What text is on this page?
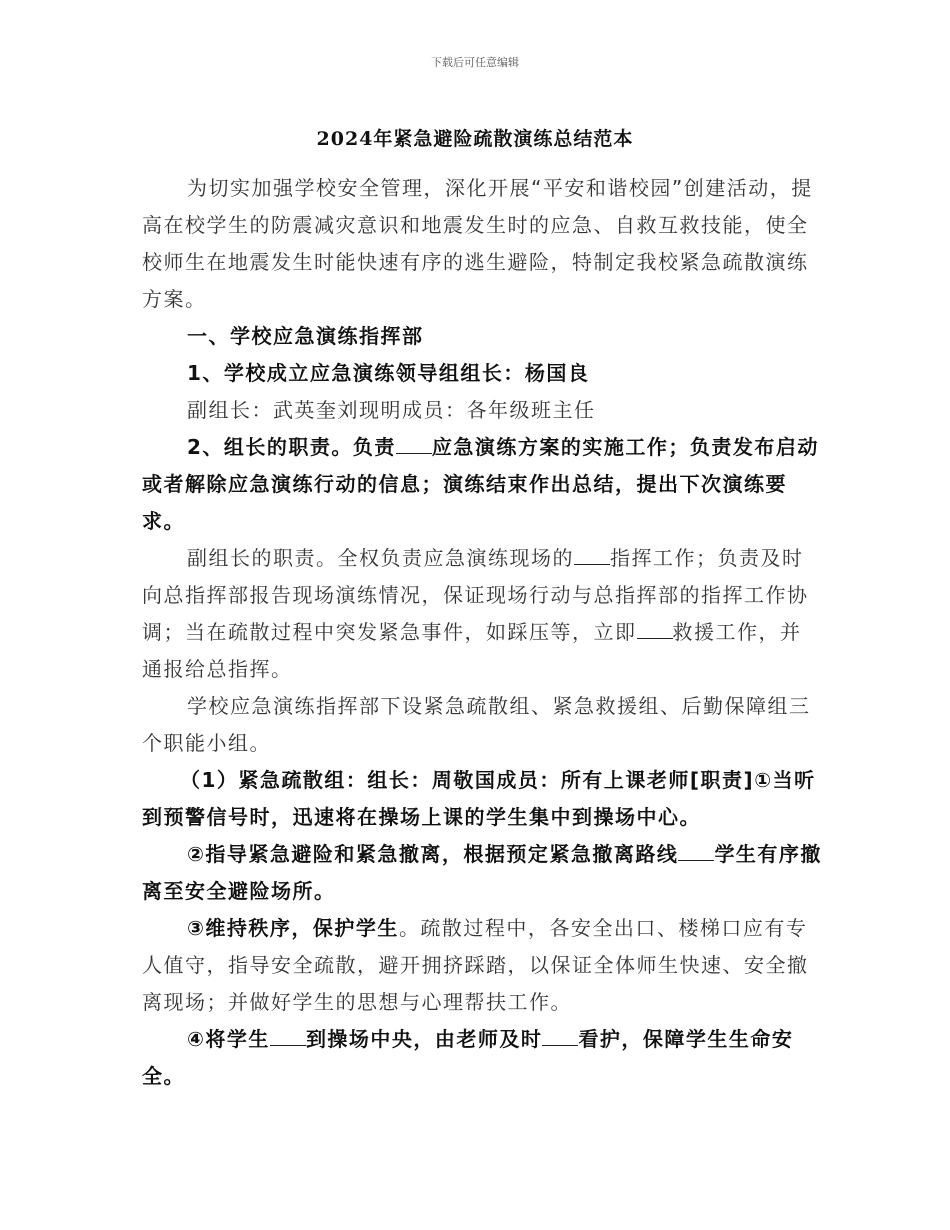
下载后可任意编辑
2024年紧急避险疏散演练总结范本

为切实加强学校安全管理，深化开展“平安和谐校园”创建活动，提高在校学生的防震减灾意识和地震发生时的应急、自救互救技能，使全校师生在地震发生时能快速有序的逃生避险，特制定我校紧急疏散演练方案。

一、学校应急演练指挥部

1、学校成立应急演练领导组组长：杨国良

副组长：武英奎刘现明成员：各年级班主任

2、组长的职责。负责 应急演练方案的实施工作；负责发布启动或者解除应急演练行动的信息；演练结束作出总结，提出下次演练要求。

副组长的职责。全权负责应急演练现场的 指挥工作；负责及时向总指挥部报告现场演练情况，保证现场行动与总指挥部的指挥工作协调；当在疏散过程中突发紧急事件，如踩压等，立即 救援工作，并通报给总指挥。

学校应急演练指挥部下设紧急疏散组、紧急救援组、后勤保障组三个职能小组。

（1）紧急疏散组：组长：周敬国成员：所有上课老师[职责]①当听到预警信号时，迅速将在操场上课的学生集中到操场中心。

②指导紧急避险和紧急撤离，根据预定紧急撤离路线 学生有序撤离至安全避险场所。

③维持秩序，保护学生。疏散过程中，各安全出口、楼梯口应有专人值守，指导安全疏散，避开拥挤踩踏，以保证全体师生快速、安全撤离现场；并做好学生的思想与心理帮扶工作。

④将学生 到操场中央，由老师及时 看护，保障学生生命安全。
